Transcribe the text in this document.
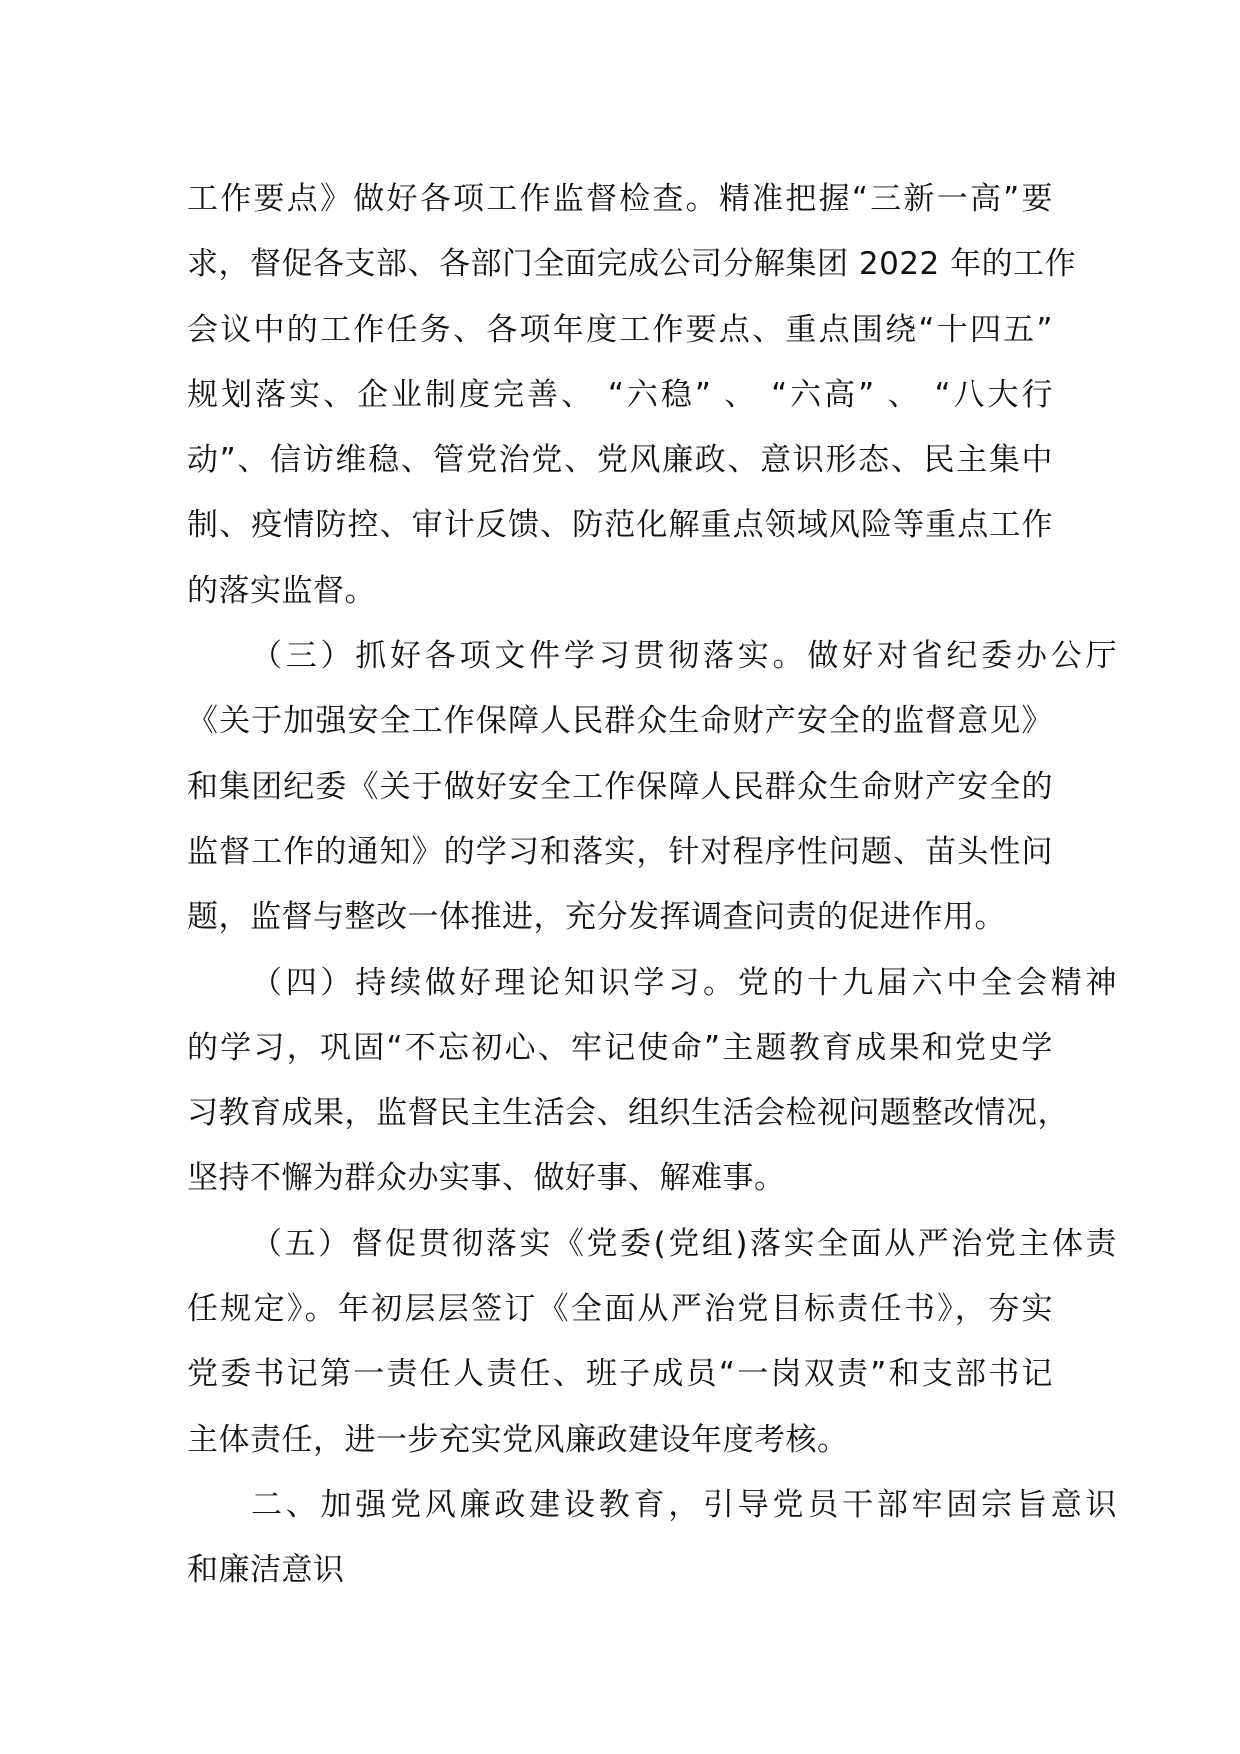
工作要点》做好各项工作监督检查。精准把握“三新一高”要
求，督促各支部、各部门全面完成公司分解集团 2022 年的工作
会议中的工作任务、各项年度工作要点、重点围绕“十四五”
规划落实、企业制度完善、 “六稳” 、 “六高” 、 “八大行
动”、信访维稳、管党治党、党风廉政、意识形态、民主集中
制、疫情防控、审计反馈、防范化解重点领域风险等重点工作
的落实监督。
（三）抓好各项文件学习贯彻落实。做好对省纪委办公厅
《关于加强安全工作保障人民群众生命财产安全的监督意见》
和集团纪委《关于做好安全工作保障人民群众生命财产安全的
监督工作的通知》的学习和落实，针对程序性问题、苗头性问
题，监督与整改一体推进，充分发挥调查问责的促进作用。
（四）持续做好理论知识学习。党的十九届六中全会精神
的学习，巩固“不忘初心、牢记使命”主题教育成果和党史学
习教育成果，监督民主生活会、组织生活会检视问题整改情况，
坚持不懈为群众办实事、做好事、解难事。
（五）督促贯彻落实《党委(党组)落实全面从严治党主体责
任规定》。年初层层签订《全面从严治党目标责任书》，夯实
党委书记第一责任人责任、班子成员“一岗双责”和支部书记
主体责任，进一步充实党风廉政建设年度考核。
二、加强党风廉政建设教育，引导党员干部牢固宗旨意识
和廉洁意识
